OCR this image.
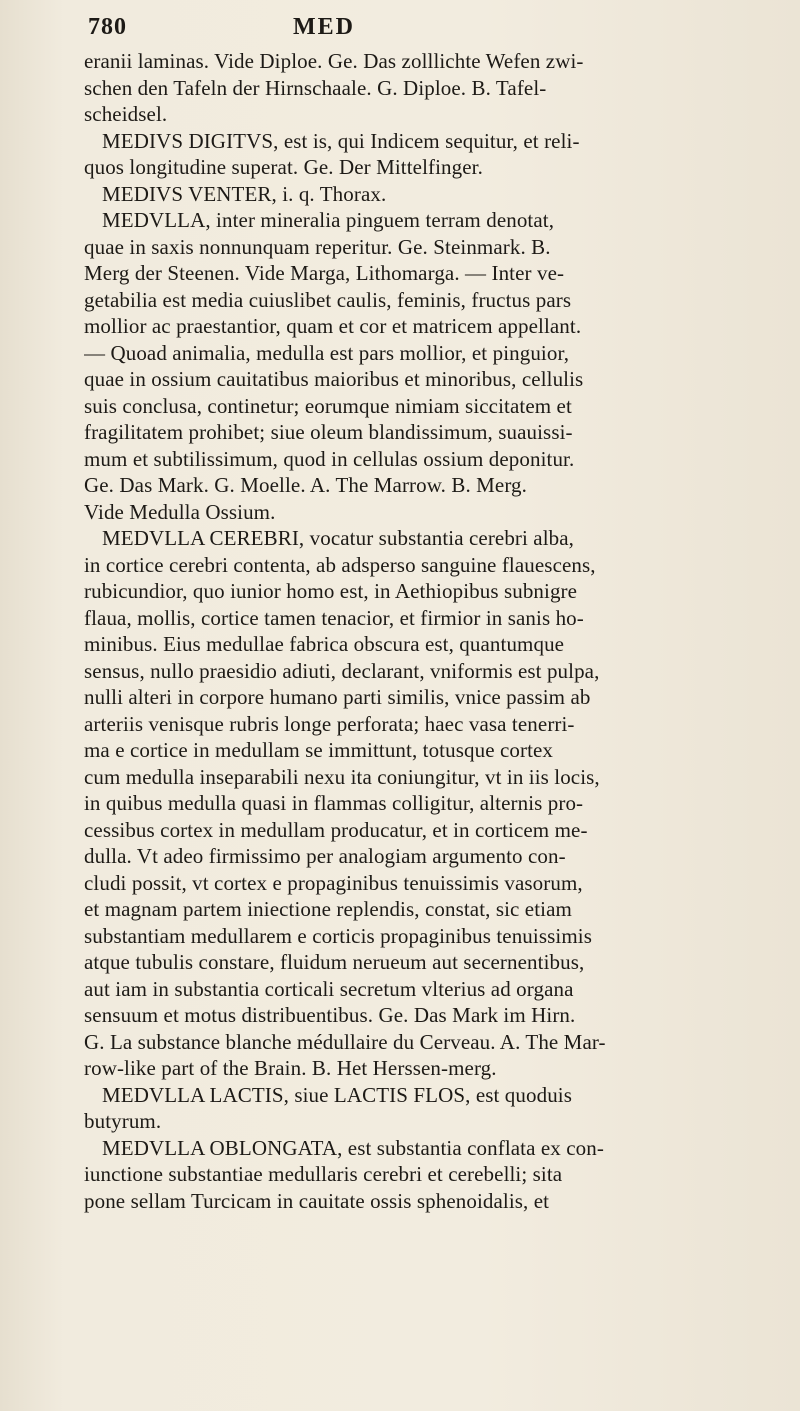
780	MED
eranii laminas. Vide Diploe. Ge. Das zolllichte Wefen zwi-
schen den Tafeln der Hirnschaale. G. Diploe. B. Tafel-
scheidsel.
MEDIVS DIGITVS, est is, qui Indicem sequitur, et reli-
quos longitudine superat. Ge. Der Mittelfinger.
MEDIVS VENTER, i. q. Thorax.
MEDVLLA, inter mineralia pinguem terram denotat,
quae in saxis nonnunquam reperitur. Ge. Steinmark. B.
Merg der Steenen. Vide Marga, Lithomarga. — Inter ve-
getabilia est media cuiuslibet caulis, feminis, fructus pars
mollior ac praestantior, quam et cor et matricem appellant.
— Quoad animalia, medulla est pars mollior, et pinguior,
quae in ossium cauitatibus maioribus et minoribus, cellulis
suis conclusa, continetur; eorumque nimiam siccitatem et
fragilitatem prohibet; siue oleum blandissimum, suauissi-
mum et subtilissimum, quod in cellulas ossium deponitur.
Ge. Das Mark. G. Moelle. A. The Marrow. B. Merg.
Vide Medulla Ossium.
MEDVLLA CEREBRI, vocatur substantia cerebri alba,
in cortice cerebri contenta, ab adsperso sanguine flauescens,
rubicundior, quo iunior homo est, in Aethiopibus subnigre
flaua, mollis, cortice tamen tenacior, et firmior in sanis ho-
minibus. Eius medullae fabrica obscura est, quantumque
sensus, nullo praesidio adiuti, declarant, vniformis est pulpa,
nulli alteri in corpore humano parti similis, vnice passim ab
arteriis venisque rubris longe perforata; haec vasa tenerri-
ma e cortice in medullam se immittunt, totusque cortex
cum medulla inseparabili nexu ita coniungitur, vt in iis locis,
in quibus medulla quasi in flammas colligitur, alternis pro-
cessibus cortex in medullam producatur, et in corticem me-
dulla. Vt adeo firmissimo per analogiam argumento con-
cludi possit, vt cortex e propaginibus tenuissimis vasorum,
et magnam partem iniectione replendis, constat, sic etiam
substantiam medullarem e corticis propaginibus tenuissimis
atque tubulis constare, fluidum nerueum aut secernentibus,
aut iam in substantia corticali secretum vlterius ad organa
sensuum et motus distribuentibus. Ge. Das Mark im Hirn.
G. La substance blanche médullaire du Cerveau. A. The Mar-
row-like part of the Brain. B. Het Herssen-merg.
MEDVLLA LACTIS, siue LACTIS FLOS, est quoduis
butyrum.
MEDVLLA OBLONGATA, est substantia conflata ex con-
iunctione substantiae medullaris cerebri et cerebelli; sita
pone sellam Turcicam in cauitate ossis sphenoidalis, et
